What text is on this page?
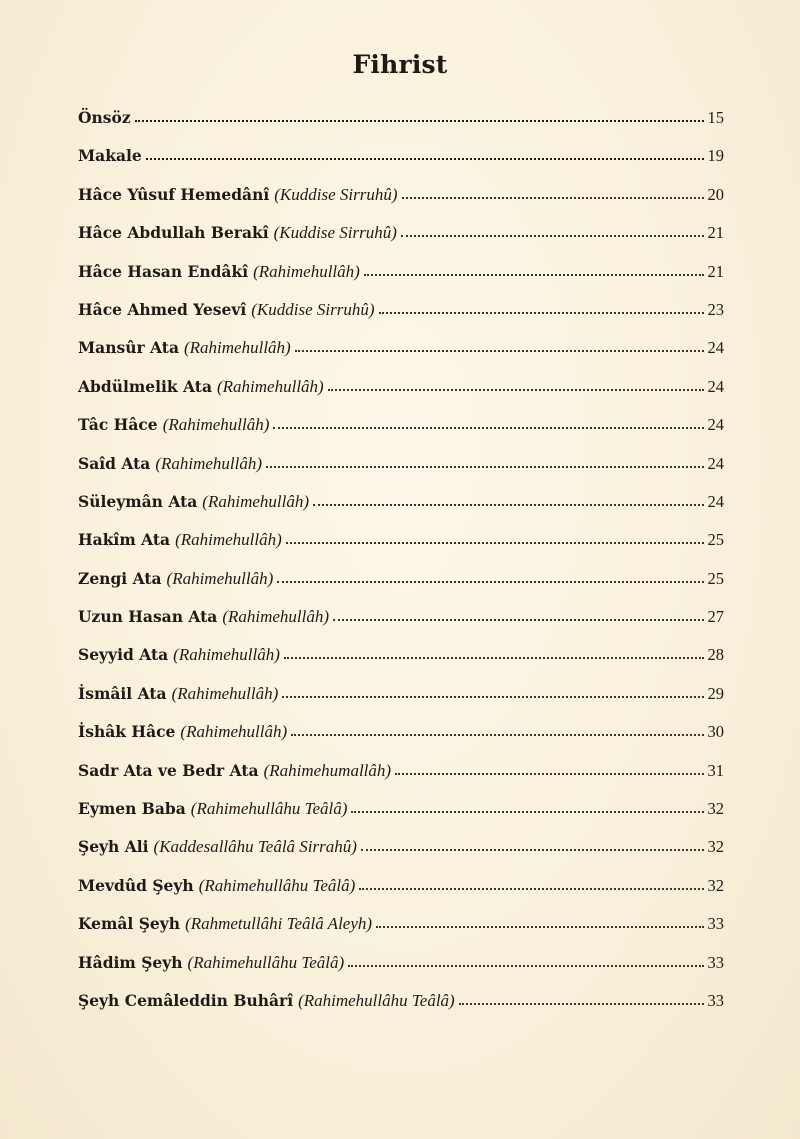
Fihrist
Önsöz	15
Makale	19
Hâce Yûsuf Hemedânî (Kuddise Sirruhû)	20
Hâce Abdullah Berakî (Kuddise Sirruhû)	21
Hâce Hasan Endâkî (Rahimehullâh)	21
Hâce Ahmed Yesevî (Kuddise Sirruhû)	23
Mansûr Ata (Rahimehullâh)	24
Abdülmelik Ata (Rahimehullâh)	24
Tâc Hâce (Rahimehullâh)	24
Saîd Ata (Rahimehullâh)	24
Süleymân Ata (Rahimehullâh)	24
Hakîm Ata (Rahimehullâh)	25
Zengi Ata (Rahimehullâh)	25
Uzun Hasan Ata (Rahimehullâh)	27
Seyyid Ata (Rahimehullâh)	28
İsmâil Ata (Rahimehullâh)	29
İshâk Hâce (Rahimehullâh)	30
Sadr Ata ve Bedr Ata (Rahimehumallâh)	31
Eymen Baba (Rahimehullâhu Teâlâ)	32
Şeyh Ali (Kaddesallâhu Teâlâ Sirrahû)	32
Mevdûd Şeyh (Rahimehullâhu Teâlâ)	32
Kemâl Şeyh (Rahmetullâhi Teâlâ Aleyh)	33
Hâdim Şeyh (Rahimehullâhu Teâlâ)	33
Şeyh Cemâleddin Buhârî (Rahimehullâhu Teâlâ)	33
